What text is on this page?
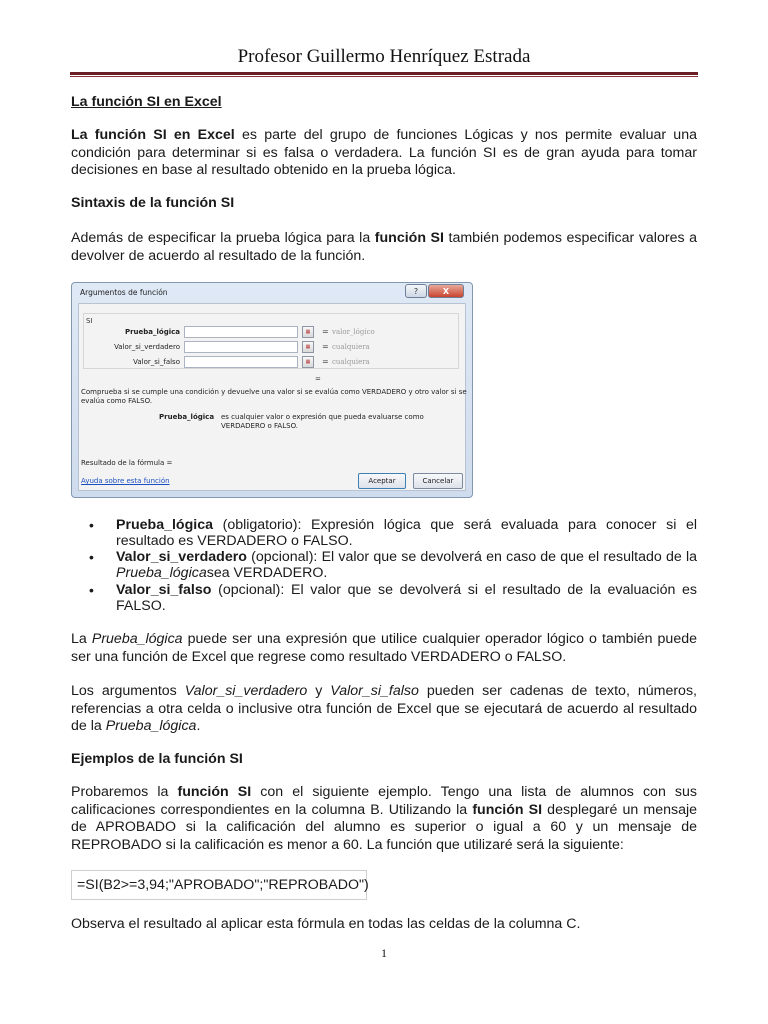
Profesor Guillermo Henríquez Estrada
La función SI en Excel
La función SI en Excel es parte del grupo de funciones Lógicas y nos permite evaluar una condición para determinar si es falsa o verdadera. La función SI es de gran ayuda para tomar decisiones en base al resultado obtenido en la prueba lógica.
Sintaxis de la función SI
Además de especificar la prueba lógica para la función SI también podemos especificar valores a devolver de acuerdo al resultado de la función.
Argumentos de función	?	X
SI
Prueba_lógica	▦	= valor_lógico
Valor_si_verdadero	▦	= cualquiera
Valor_si_falso	▦	= cualquiera
=
Comprueba si se cumple una condición y devuelve una valor si se evalúa como VERDADERO y otro valor si se evalúa como FALSO.
Prueba_lógica es cualquier valor o expresión que pueda evaluarse como VERDADERO o FALSO.
Resultado de la fórmula =
Ayuda sobre esta función	Aceptar	Cancelar
• Prueba_lógica (obligatorio): Expresión lógica que será evaluada para conocer si el resultado es VERDADERO o FALSO.
• Valor_si_verdadero (opcional): El valor que se devolverá en caso de que el resultado de la Prueba_lógicasea VERDADERO.
• Valor_si_falso (opcional): El valor que se devolverá si el resultado de la evaluación es FALSO.
La Prueba_lógica puede ser una expresión que utilice cualquier operador lógico o también puede ser una función de Excel que regrese como resultado VERDADERO o FALSO.
Los argumentos Valor_si_verdadero y Valor_si_falso pueden ser cadenas de texto, números, referencias a otra celda o inclusive otra función de Excel que se ejecutará de acuerdo al resultado de la Prueba_lógica.
Ejemplos de la función SI
Probaremos la función SI con el siguiente ejemplo. Tengo una lista de alumnos con sus calificaciones correspondientes en la columna B. Utilizando la función SI desplegaré un mensaje de APROBADO si la calificación del alumno es superior o igual a 60 y un mensaje de REPROBADO si la calificación es menor a 60. La función que utilizaré será la siguiente:
=SI(B2>=3,94;"APROBADO";"REPROBADO")
Observa el resultado al aplicar esta fórmula en todas las celdas de la columna C.
1
